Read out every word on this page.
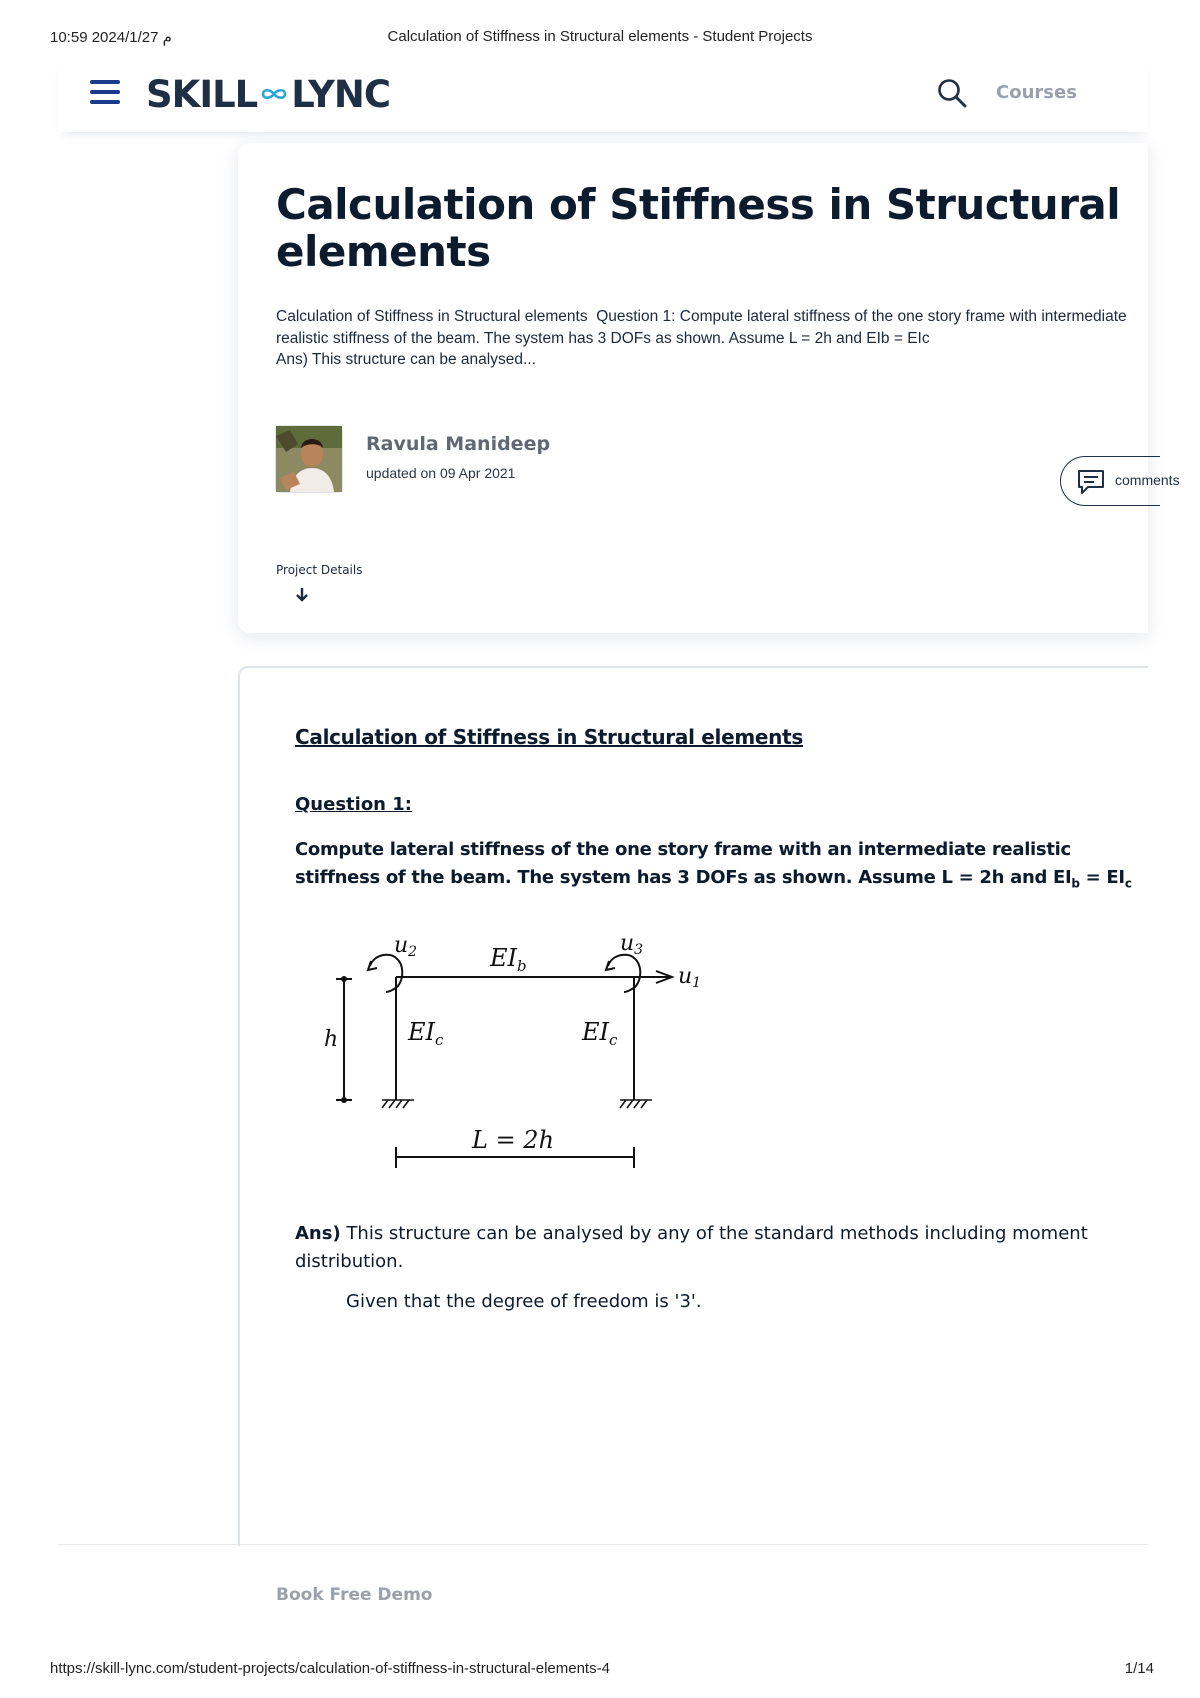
10:59 2024/1/27 م	Calculation of Stiffness in Structural elements - Student Projects
SKILL LYNC	Courses
Calculation of Stiffness in Structural elements

Calculation of Stiffness in Structural elements  Question 1: Compute lateral stiffness of the one story frame with intermediate realistic stiffness of the beam. The system has 3 DOFs as shown. Assume L = 2h and EIb = EIc
Ans) This structure can be analysed...

Ravula Manideep
updated on 09 Apr 2021	comments
Project Details
Calculation of Stiffness in Structural elements
Question 1:
Compute lateral stiffness of the one story frame with an intermediate realistic stiffness of the beam. The system has 3 DOFs as shown. Assume L = 2h and $EI_b = EI_c$
u2	u3
u1
$EI_b$
$EI_c$	$EI_c$
h
L = 2h
Ans) This structure can be analysed by any of the standard methods including moment distribution.
Given that the degree of freedom is '3'.
Book Free Demo
https://skill-lync.com/student-projects/calculation-of-stiffness-in-structural-elements-4	1/14
